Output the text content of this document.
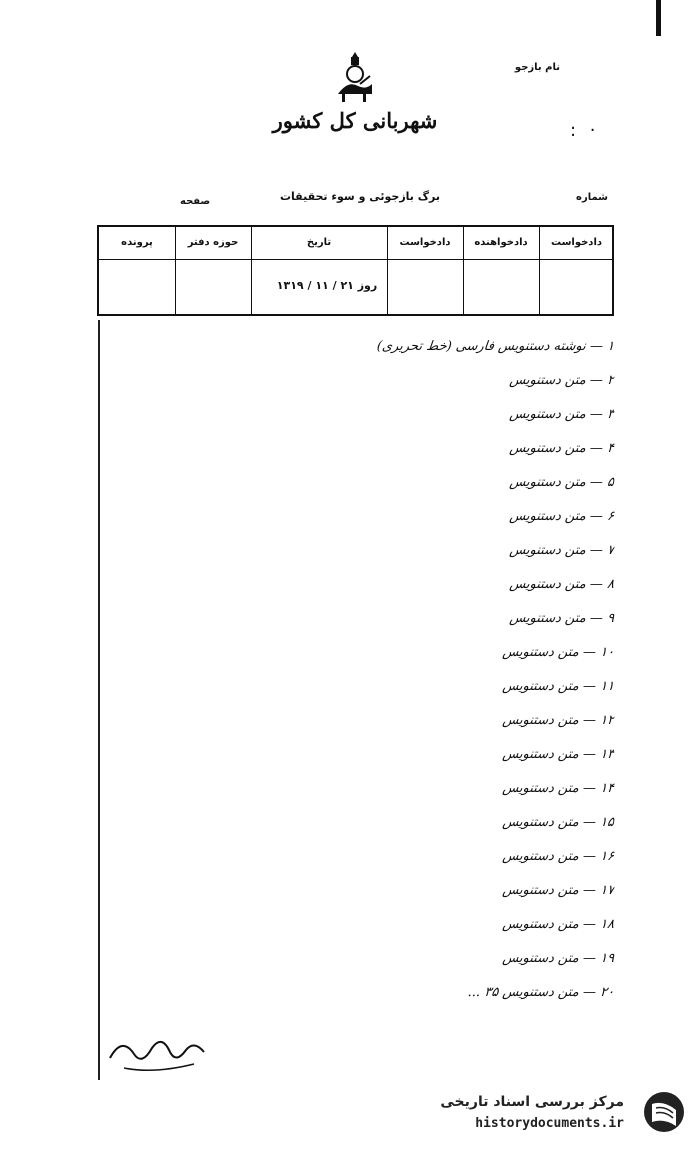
نام بازجو
شهربانی کل کشور	: ·
شماره
برگ بازجوئی و سوء تحقیقات
صفحه
دادخواست
دادخواهنده
دادخواست
تاریخ
حوزه دفتر
پرونده
روز ۲۱ / ۱۱ / ۱۳۱۹
۱ — نوشته دستنویس فارسی (خط تحریری)
۲ — متن دستنویس
۳ — متن دستنویس
۴ — متن دستنویس
۵ — متن دستنویس
۶ — متن دستنویس
۷ — متن دستنویس
۸ — متن دستنویس
۹ — متن دستنویس
۱۰ — متن دستنویس
۱۱ — متن دستنویس
۱۲ — متن دستنویس
۱۳ — متن دستنویس
۱۴ — متن دستنویس
۱۵ — متن دستنویس
۱۶ — متن دستنویس
۱۷ — متن دستنویس
۱۸ — متن دستنویس
۱۹ — متن دستنویس
۲۰ — متن دستنویس ۳۵ ...
مرکز بررسی اسناد تاریخی
historydocuments.ir
